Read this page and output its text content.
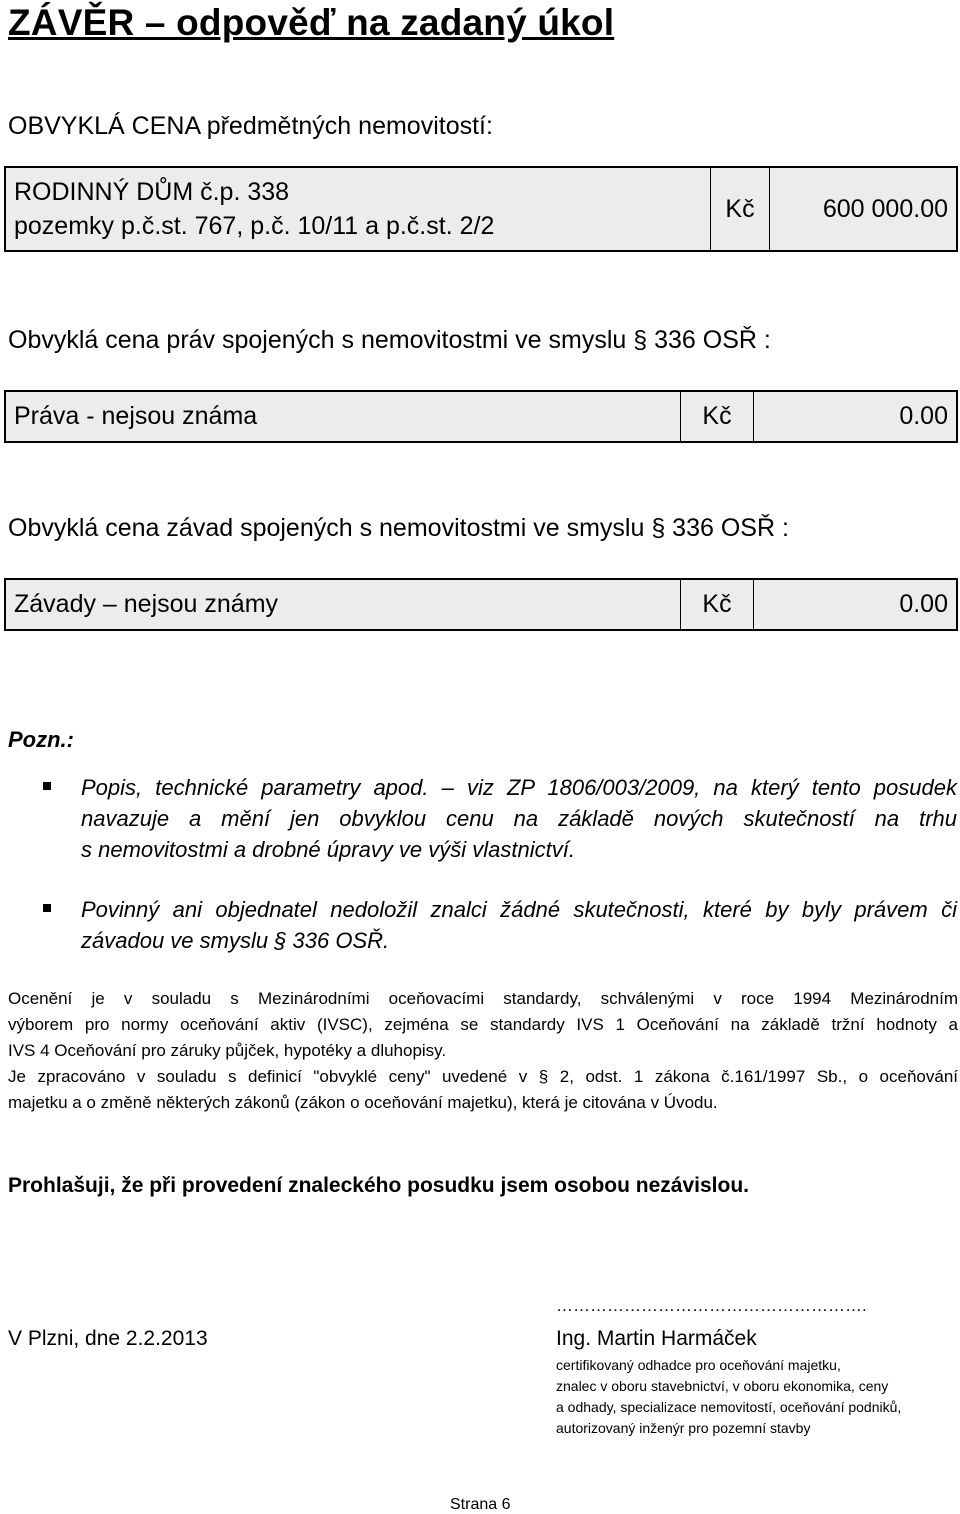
ZÁVĚR – odpověď na zadaný úkol
OBVYKLÁ CENA předmětných nemovitostí:
RODINNÝ DŮM č.p. 338
pozemky p.č.st. 767, p.č. 10/11 a p.č.st. 2/2
Kč	600 000.00
Obvyklá cena práv spojených s nemovitostmi ve smyslu § 336 OSŘ :
Práva - nejsou známa	Kč	0.00
Obvyklá cena závad spojených s nemovitostmi ve smyslu § 336 OSŘ :
Závady – nejsou známy	Kč	0.00
Pozn.:
Popis, technické parametry apod. – viz ZP 1806/003/2009, na který tento posudek
navazuje a mění jen obvyklou cenu na základě nových skutečností na trhu
s nemovitostmi a drobné úpravy ve výši vlastnictví.
Povinný ani objednatel nedoložil znalci žádné skutečnosti, které by byly právem či
závadou ve smyslu § 336 OSŘ.
Ocenění je v souladu s Mezinárodními oceňovacími standardy, schválenými v roce 1994 Mezinárodním
výborem pro normy oceňování aktiv (IVSC), zejména se standardy IVS 1 Oceňování na základě tržní hodnoty a
IVS 4 Oceňování pro záruky půjček, hypotéky a dluhopisy.
Je zpracováno v souladu s definicí "obvyklé ceny" uvedené v § 2, odst. 1 zákona č.161/1997 Sb., o oceňování
majetku a o změně některých zákonů (zákon o oceňování majetku), která je citována v Úvodu.
Prohlašuji, že při provedení znaleckého posudku jsem osobou nezávislou.
……………………………………………….
V Plzni, dne 2.2.2013	Ing. Martin Harmáček
certifikovaný odhadce pro oceňování majetku,
znalec v oboru stavebnictví, v oboru ekonomika, ceny
a odhady, specializace nemovitostí, oceňování podniků,
autorizovaný inženýr pro pozemní stavby
Strana 6
